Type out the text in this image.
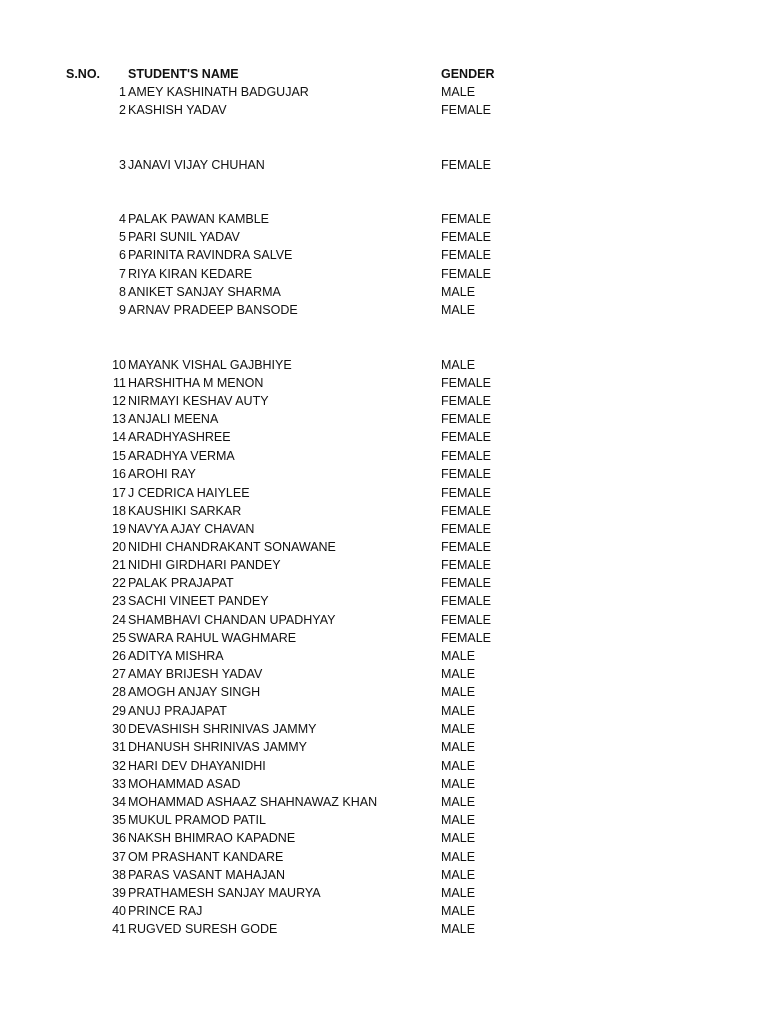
S.NO. STUDENT'S NAME	GENDER
1 AMEY KASHINATH BADGUJAR	MALE
2 KASHISH YADAV	FEMALE
3 JANAVI VIJAY CHUHAN	FEMALE
4 PALAK PAWAN KAMBLE	FEMALE
5 PARI SUNIL YADAV	FEMALE
6 PARINITA RAVINDRA SALVE	FEMALE
7 RIYA KIRAN KEDARE	FEMALE
8 ANIKET SANJAY SHARMA	MALE
9 ARNAV PRADEEP BANSODE	MALE
10 MAYANK VISHAL GAJBHIYE	MALE
11 HARSHITHA M MENON	FEMALE
12 NIRMAYI KESHAV AUTY	FEMALE
13 ANJALI MEENA	FEMALE
14 ARADHYASHREE	FEMALE
15 ARADHYA VERMA	FEMALE
16 AROHI RAY	FEMALE
17 J CEDRICA HAIYLEE	FEMALE
18 KAUSHIKI SARKAR	FEMALE
19 NAVYA AJAY CHAVAN	FEMALE
20 NIDHI CHANDRAKANT SONAWANE	FEMALE
21 NIDHI GIRDHARI PANDEY	FEMALE
22 PALAK PRAJAPAT	FEMALE
23 SACHI VINEET PANDEY	FEMALE
24 SHAMBHAVI CHANDAN UPADHYAY	FEMALE
25 SWARA RAHUL WAGHMARE	FEMALE
26 ADITYA MISHRA	MALE
27 AMAY BRIJESH YADAV	MALE
28 AMOGH ANJAY SINGH	MALE
29 ANUJ PRAJAPAT	MALE
30 DEVASHISH SHRINIVAS JAMMY	MALE
31 DHANUSH SHRINIVAS JAMMY	MALE
32 HARI DEV DHAYANIDHI	MALE
33 MOHAMMAD ASAD	MALE
34 MOHAMMAD ASHAAZ SHAHNAWAZ KHAN	MALE
35 MUKUL PRAMOD PATIL	MALE
36 NAKSH BHIMRAO KAPADNE	MALE
37 OM PRASHANT KANDARE	MALE
38 PARAS VASANT MAHAJAN	MALE
39 PRATHAMESH SANJAY MAURYA	MALE
40 PRINCE RAJ	MALE
41 RUGVED SURESH GODE	MALE
